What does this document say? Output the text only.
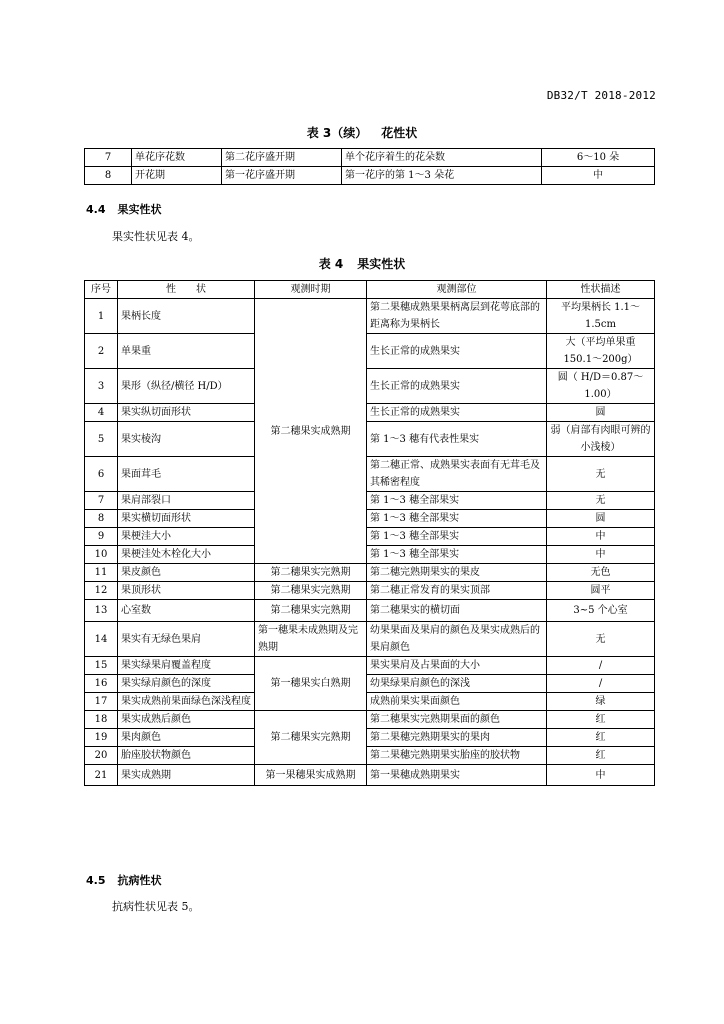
DB32/T 2018-2012
表 3（续） 花性状
7	单花序花数	第二花序盛开期	单个花序着生的花朵数	6～10 朵
8	开花期	第一花序盛开期	第一花序的第 1～3 朵花	中
4.4 果实性状
果实性状见表 4。
表 4 果实性状
序号	性　　状	观测时期	观测部位	性状描述
1	果柄长度	第二穗果实成熟期	第二果穗成熟果果柄离层到花萼底部的距离称为果柄长	平均果柄长 1.1～1.5cm
2	单果重		生长正常的成熟果实	大（平均单果重 150.1～200g）
3	果形（纵径/横径 H/D）		生长正常的成熟果实	圆（ H/D＝0.87～1.00）
4	果实纵切面形状		生长正常的成熟果实	圆
5	果实棱沟		第 1～3 穗有代表性果实	弱（肩部有肉眼可辨的小浅棱）
6	果面茸毛		第二穗正常、成熟果实表面有无茸毛及其稀密程度	无
7	果肩部裂口		第 1～3 穗全部果实	无
8	果实横切面形状		第 1～3 穗全部果实	圆
9	果梗洼大小		第 1～3 穗全部果实	中
10	果梗洼处木栓化大小		第 1～3 穗全部果实	中
11	果皮颜色	第二穗果实完熟期	第二穗完熟期果实的果皮	无色
12	果顶形状	第二穗果实完熟期	第二穗正常发育的果实顶部	圆平
13	心室数	第二穗果实完熟期	第二穗果实的横切面	3~5 个心室
14	果实有无绿色果肩	第一穗果未成熟期及完熟期	幼果果面及果肩的颜色及果实成熟后的果肩颜色	无
15	果实绿果肩覆盖程度	第一穗果实白熟期	果实果肩及占果面的大小	/
16	果实绿肩颜色的深度		幼果绿果肩颜色的深浅	/
17	果实成熟前果面绿色深浅程度		成熟前果实果面颜色	绿
18	果实成熟后颜色	第二穗果实完熟期	第二穗果实完熟期果面的颜色	红
19	果肉颜色		第二果穗完熟期果实的果肉	红
20	胎座胶状物颜色		第二果穗完熟期果实胎座的胶状物	红
21	果实成熟期	第一果穗果实成熟期	第一果穗成熟期果实	中
4.5 抗病性状
抗病性状见表 5。
